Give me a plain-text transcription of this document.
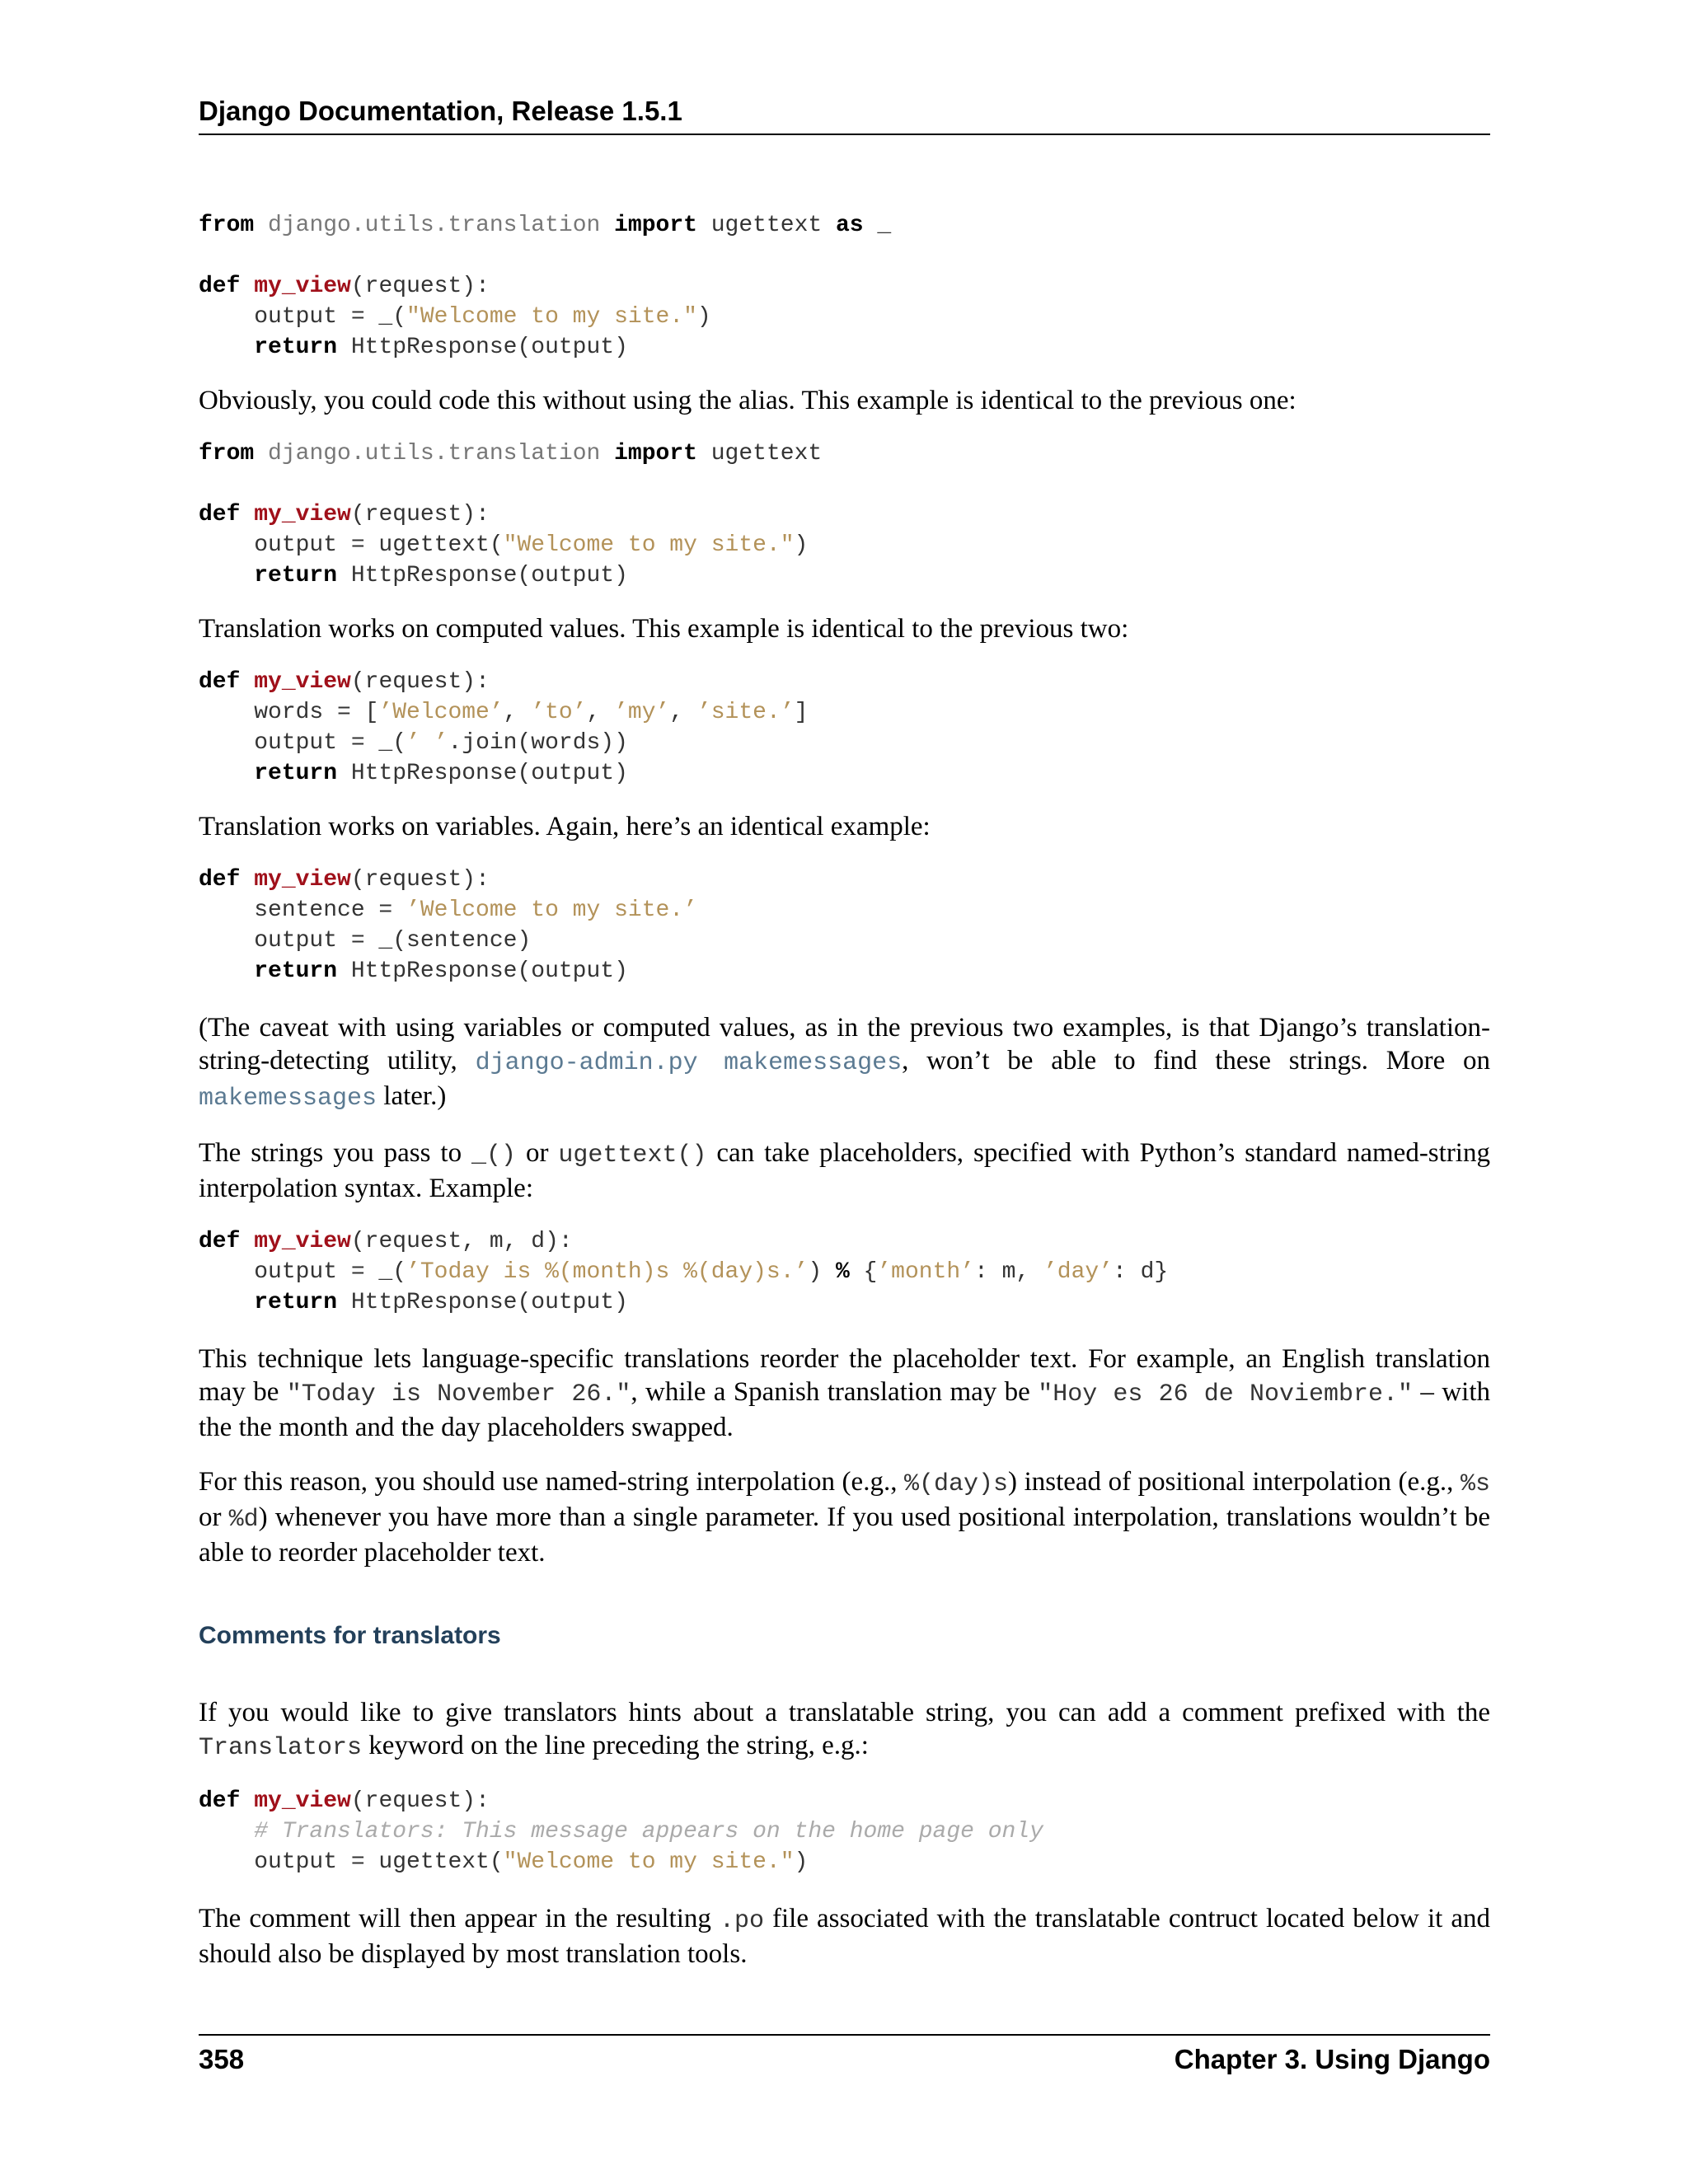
Django Documentation, Release 1.5.1
from django.utils.translation import ugettext as _

def my_view(request):
output = _("Welcome to my site.")
return HttpResponse(output)

Obviously, you could code this without using the alias. This example is identical to the previous one:

from django.utils.translation import ugettext

def my_view(request):
output = ugettext("Welcome to my site.")
return HttpResponse(output)

Translation works on computed values. This example is identical to the previous two:

def my_view(request):
words = [’Welcome’, ’to’, ’my’, ’site.’]
output = _(’ ’.join(words))
return HttpResponse(output)

Translation works on variables. Again, here’s an identical example:

def my_view(request):
sentence = ’Welcome to my site.’
output = _(sentence)
return HttpResponse(output)

(The caveat with using variables or computed values, as in the previous two examples, is that Django’s translation-string-detecting utility, django-admin.py makemessages, won’t be able to find these strings. More on makemessages later.)

The strings you pass to _() or ugettext() can take placeholders, specified with Python’s standard named-string interpolation syntax. Example:

def my_view(request, m, d):
output = _(’Today is %(month)s %(day)s.’) % {’month’: m, ’day’: d}
return HttpResponse(output)

This technique lets language-specific translations reorder the placeholder text. For example, an English translation may be "Today is November 26.", while a Spanish translation may be "Hoy es 26 de Noviembre." – with the the month and the day placeholders swapped.

For this reason, you should use named-string interpolation (e.g., %(day)s) instead of positional interpolation (e.g., %s or %d) whenever you have more than a single parameter. If you used positional interpolation, translations wouldn’t be able to reorder placeholder text.

Comments for translators

If you would like to give translators hints about a translatable string, you can add a comment prefixed with the Translators keyword on the line preceding the string, e.g.:

def my_view(request):
# Translators: This message appears on the home page only
output = ugettext("Welcome to my site.")

The comment will then appear in the resulting .po file associated with the translatable contruct located below it and should also be displayed by most translation tools.

358	Chapter 3. Using Django
